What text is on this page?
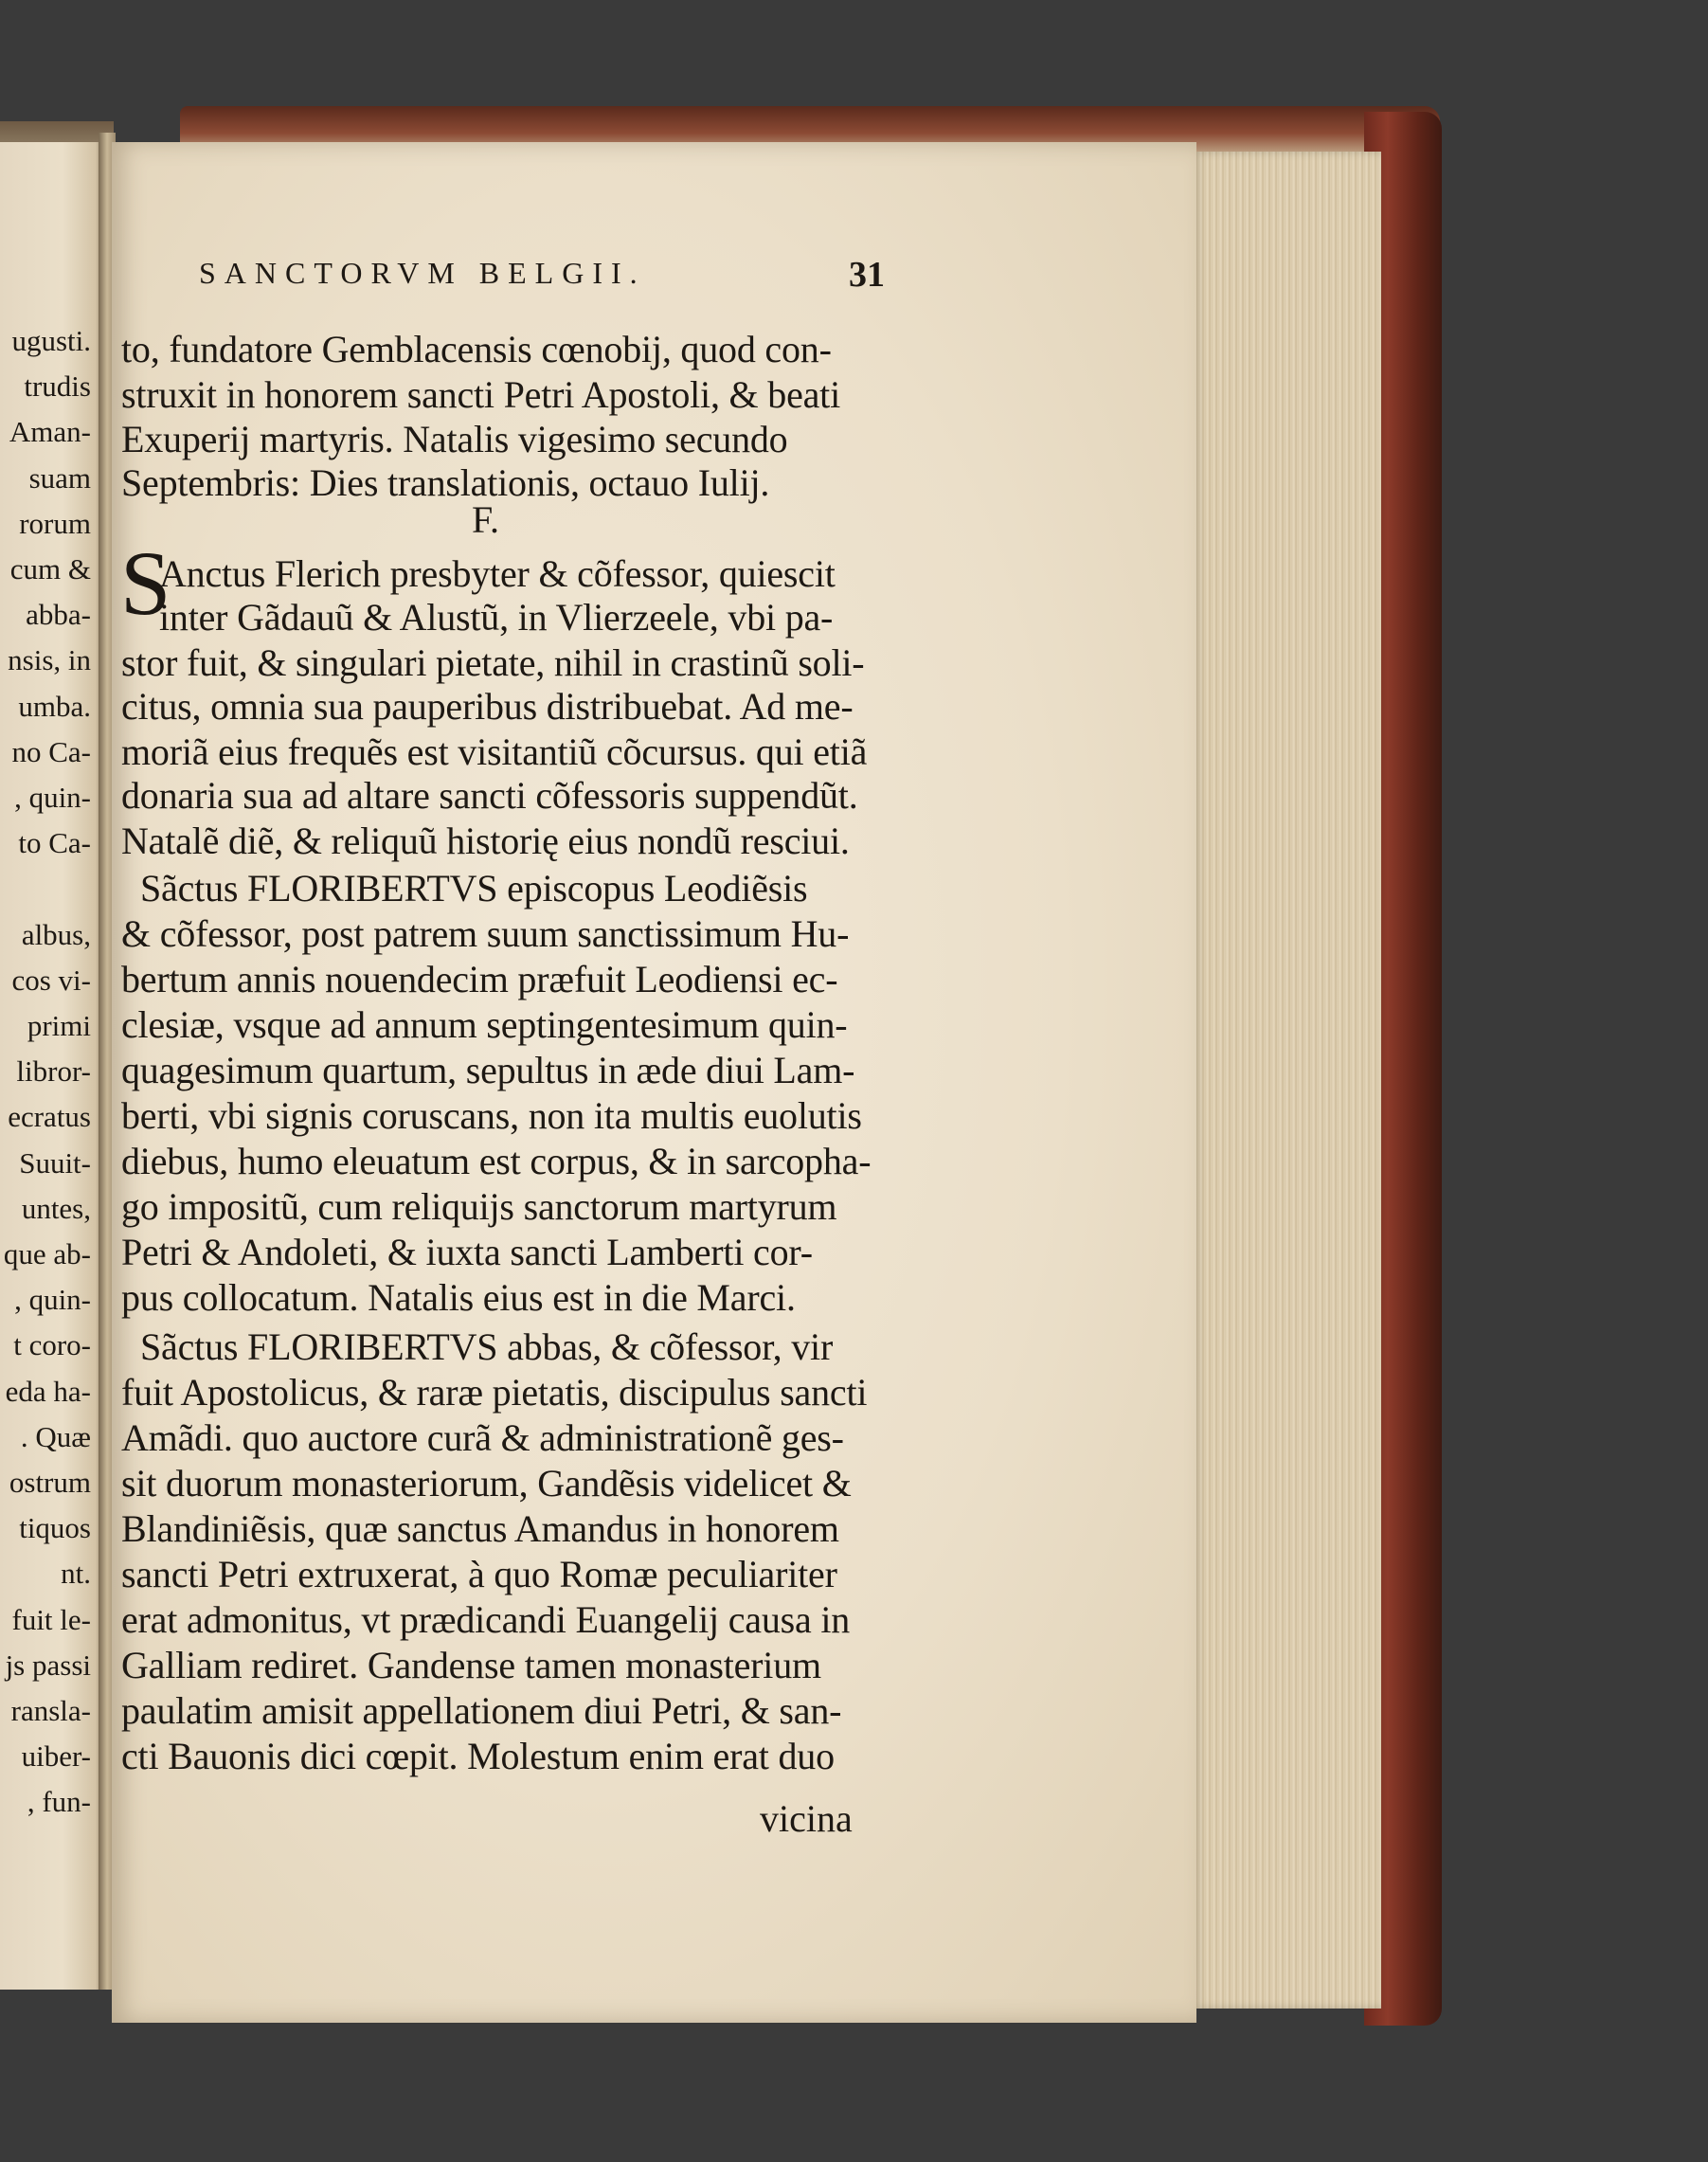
ugusti.
trudis
Aman-
suam
rorum
cum &
abba-
nsis, in
umba.
no Ca-
, quin-
to Ca-
albus,
cos vi-
primi
libror-
ecratus
Suuit-
untes,
que ab-
, quin-
t coro-
eda ha-
. Quæ
ostrum
tiquos
nt.
fuit le-
js passi
ransla-
uiber-
, fun-
SANCTORVM BELGII.	31
F.
S
to, fundatore Gemblacensis cœnobij, quod con-
struxit in honorem sancti Petri Apostoli, & beati
Exuperij martyris. Natalis vigesimo secundo
Septembris: Dies translationis, octauo Iulij.
Anctus Flerich presbyter & cõfessor, quiescit
inter Gãdauũ & Alustũ, in Vlierzeele, vbi pa-
stor fuit, & singulari pietate, nihil in crastinũ soli-
citus, omnia sua pauperibus distribuebat. Ad me-
moriã eius frequẽs est visitantiũ cõcursus. qui etiã
donaria sua ad altare sancti cõfessoris suppendũt.
Natalẽ diẽ, & reliquũ historię eius nondũ resciui.
Sãctus FLORIBERTVS episcopus Leodiẽsis
& cõfessor, post patrem suum sanctissimum Hu-
bertum annis nouendecim præfuit Leodiensi ec-
clesiæ, vsque ad annum septingentesimum quin-
quagesimum quartum, sepultus in æde diui Lam-
berti, vbi signis coruscans, non ita multis euolutis
diebus, humo eleuatum est corpus, & in sarcopha-
go impositũ, cum reliquijs sanctorum martyrum
Petri & Andoleti, & iuxta sancti Lamberti cor-
pus collocatum. Natalis eius est in die Marci.
Sãctus FLORIBERTVS abbas, & cõfessor, vir
fuit Apostolicus, & raræ pietatis, discipulus sancti
Amãdi. quo auctore curã & administrationẽ ges-
sit duorum monasteriorum, Gandẽsis videlicet &
Blandiniẽsis, quæ sanctus Amandus in honorem
sancti Petri extruxerat, à quo Romæ peculiariter
erat admonitus, vt prædicandi Euangelij causa in
Galliam rediret. Gandense tamen monasterium
paulatim amisit appellationem diui Petri, & san-
cti Bauonis dici cœpit. Molestum enim erat duo
vicina
